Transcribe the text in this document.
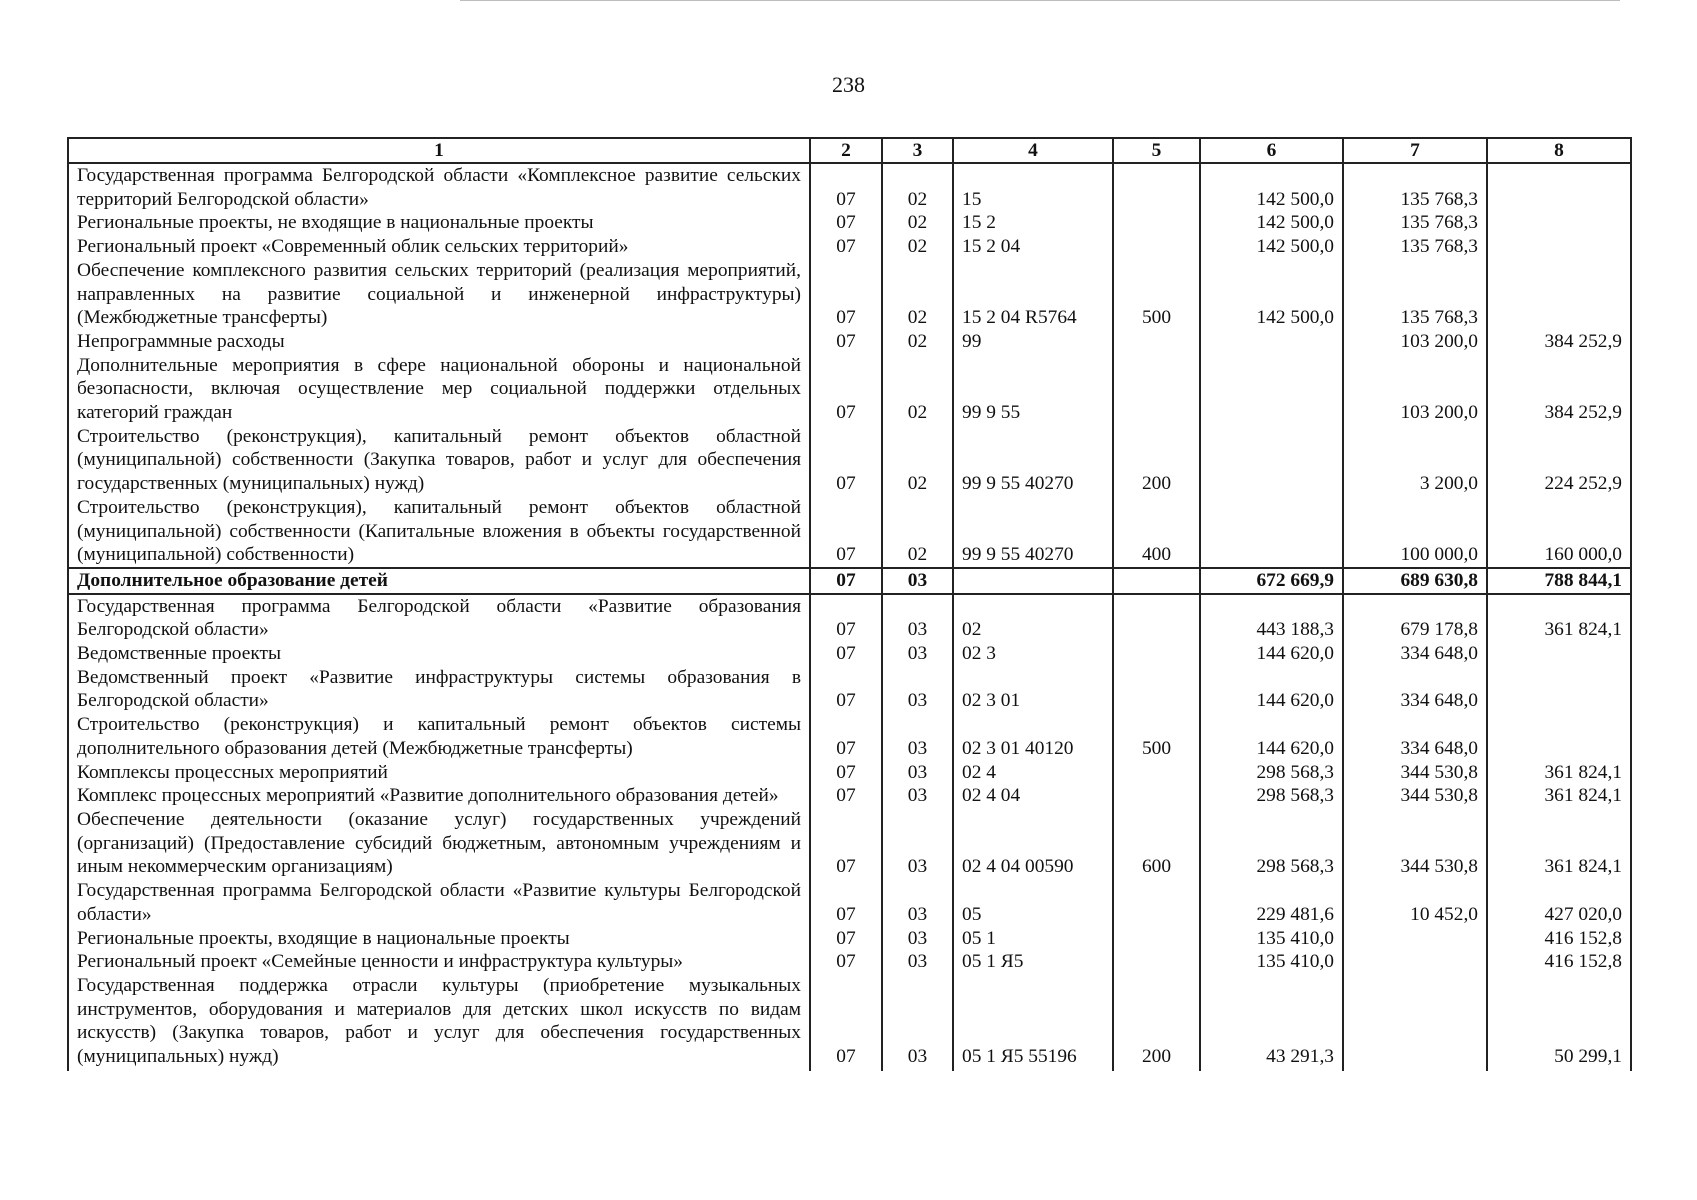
238
1	2	3	4	5	6	7	8
Государственная программа Белгородской области «Комплексное развитие сельских территорий Белгородской области»	07	02	15		142 500,0	135 768,3	
Региональные проекты, не входящие в национальные проекты	07	02	15 2		142 500,0	135 768,3	
Региональный проект «Современный облик сельских территорий»	07	02	15 2 04		142 500,0	135 768,3	
Обеспечение комплексного развития сельских территорий (реализация мероприятий, направленных на развитие социальной и инженерной инфраструктуры) (Межбюджетные трансферты)	07	02	15 2 04 R5764	500	142 500,0	135 768,3	
Непрограммные расходы	07	02	99			103 200,0	384 252,9
Дополнительные мероприятия в сфере национальной обороны и национальной безопасности, включая осуществление мер социальной поддержки отдельных категорий граждан	07	02	99 9 55			103 200,0	384 252,9
Строительство (реконструкция), капитальный ремонт объектов областной (муниципальной) собственности (Закупка товаров, работ и услуг для обеспечения государственных (муниципальных) нужд)	07	02	99 9 55 40270	200		3 200,0	224 252,9
Строительство (реконструкция), капитальный ремонт объектов областной (муниципальной) собственности (Капитальные вложения в объекты государственной (муниципальной) собственности)	07	02	99 9 55 40270	400		100 000,0	160 000,0
Дополнительное образование детей	07	03			672 669,9	689 630,8	788 844,1
Государственная программа Белгородской области «Развитие образования Белгородской области»	07	03	02		443 188,3	679 178,8	361 824,1
Ведомственные проекты	07	03	02 3		144 620,0	334 648,0	
Ведомственный проект «Развитие инфраструктуры системы образования в Белгородской области»	07	03	02 3 01		144 620,0	334 648,0	
Строительство (реконструкция) и капитальный ремонт объектов системы дополнительного образования детей (Межбюджетные трансферты)	07	03	02 3 01 40120	500	144 620,0	334 648,0	
Комплексы процессных мероприятий	07	03	02 4		298 568,3	344 530,8	361 824,1
Комплекс процессных мероприятий «Развитие дополнительного образования детей»	07	03	02 4 04		298 568,3	344 530,8	361 824,1
Обеспечение деятельности (оказание услуг) государственных учреждений (организаций) (Предоставление субсидий бюджетным, автономным учреждениям и иным некоммерческим организациям)	07	03	02 4 04 00590	600	298 568,3	344 530,8	361 824,1
Государственная программа Белгородской области «Развитие культуры Белгородской области»	07	03	05		229 481,6	10 452,0	427 020,0
Региональные проекты, входящие в национальные проекты	07	03	05 1		135 410,0		416 152,8
Региональный проект «Семейные ценности и инфраструктура культуры»	07	03	05 1 Я5		135 410,0		416 152,8
Государственная поддержка отрасли культуры (приобретение музыкальных инструментов, оборудования и материалов для детских школ искусств по видам искусств) (Закупка товаров, работ и услуг для обеспечения государственных (муниципальных) нужд)	07	03	05 1 Я5 55196	200	43 291,3		50 299,1
